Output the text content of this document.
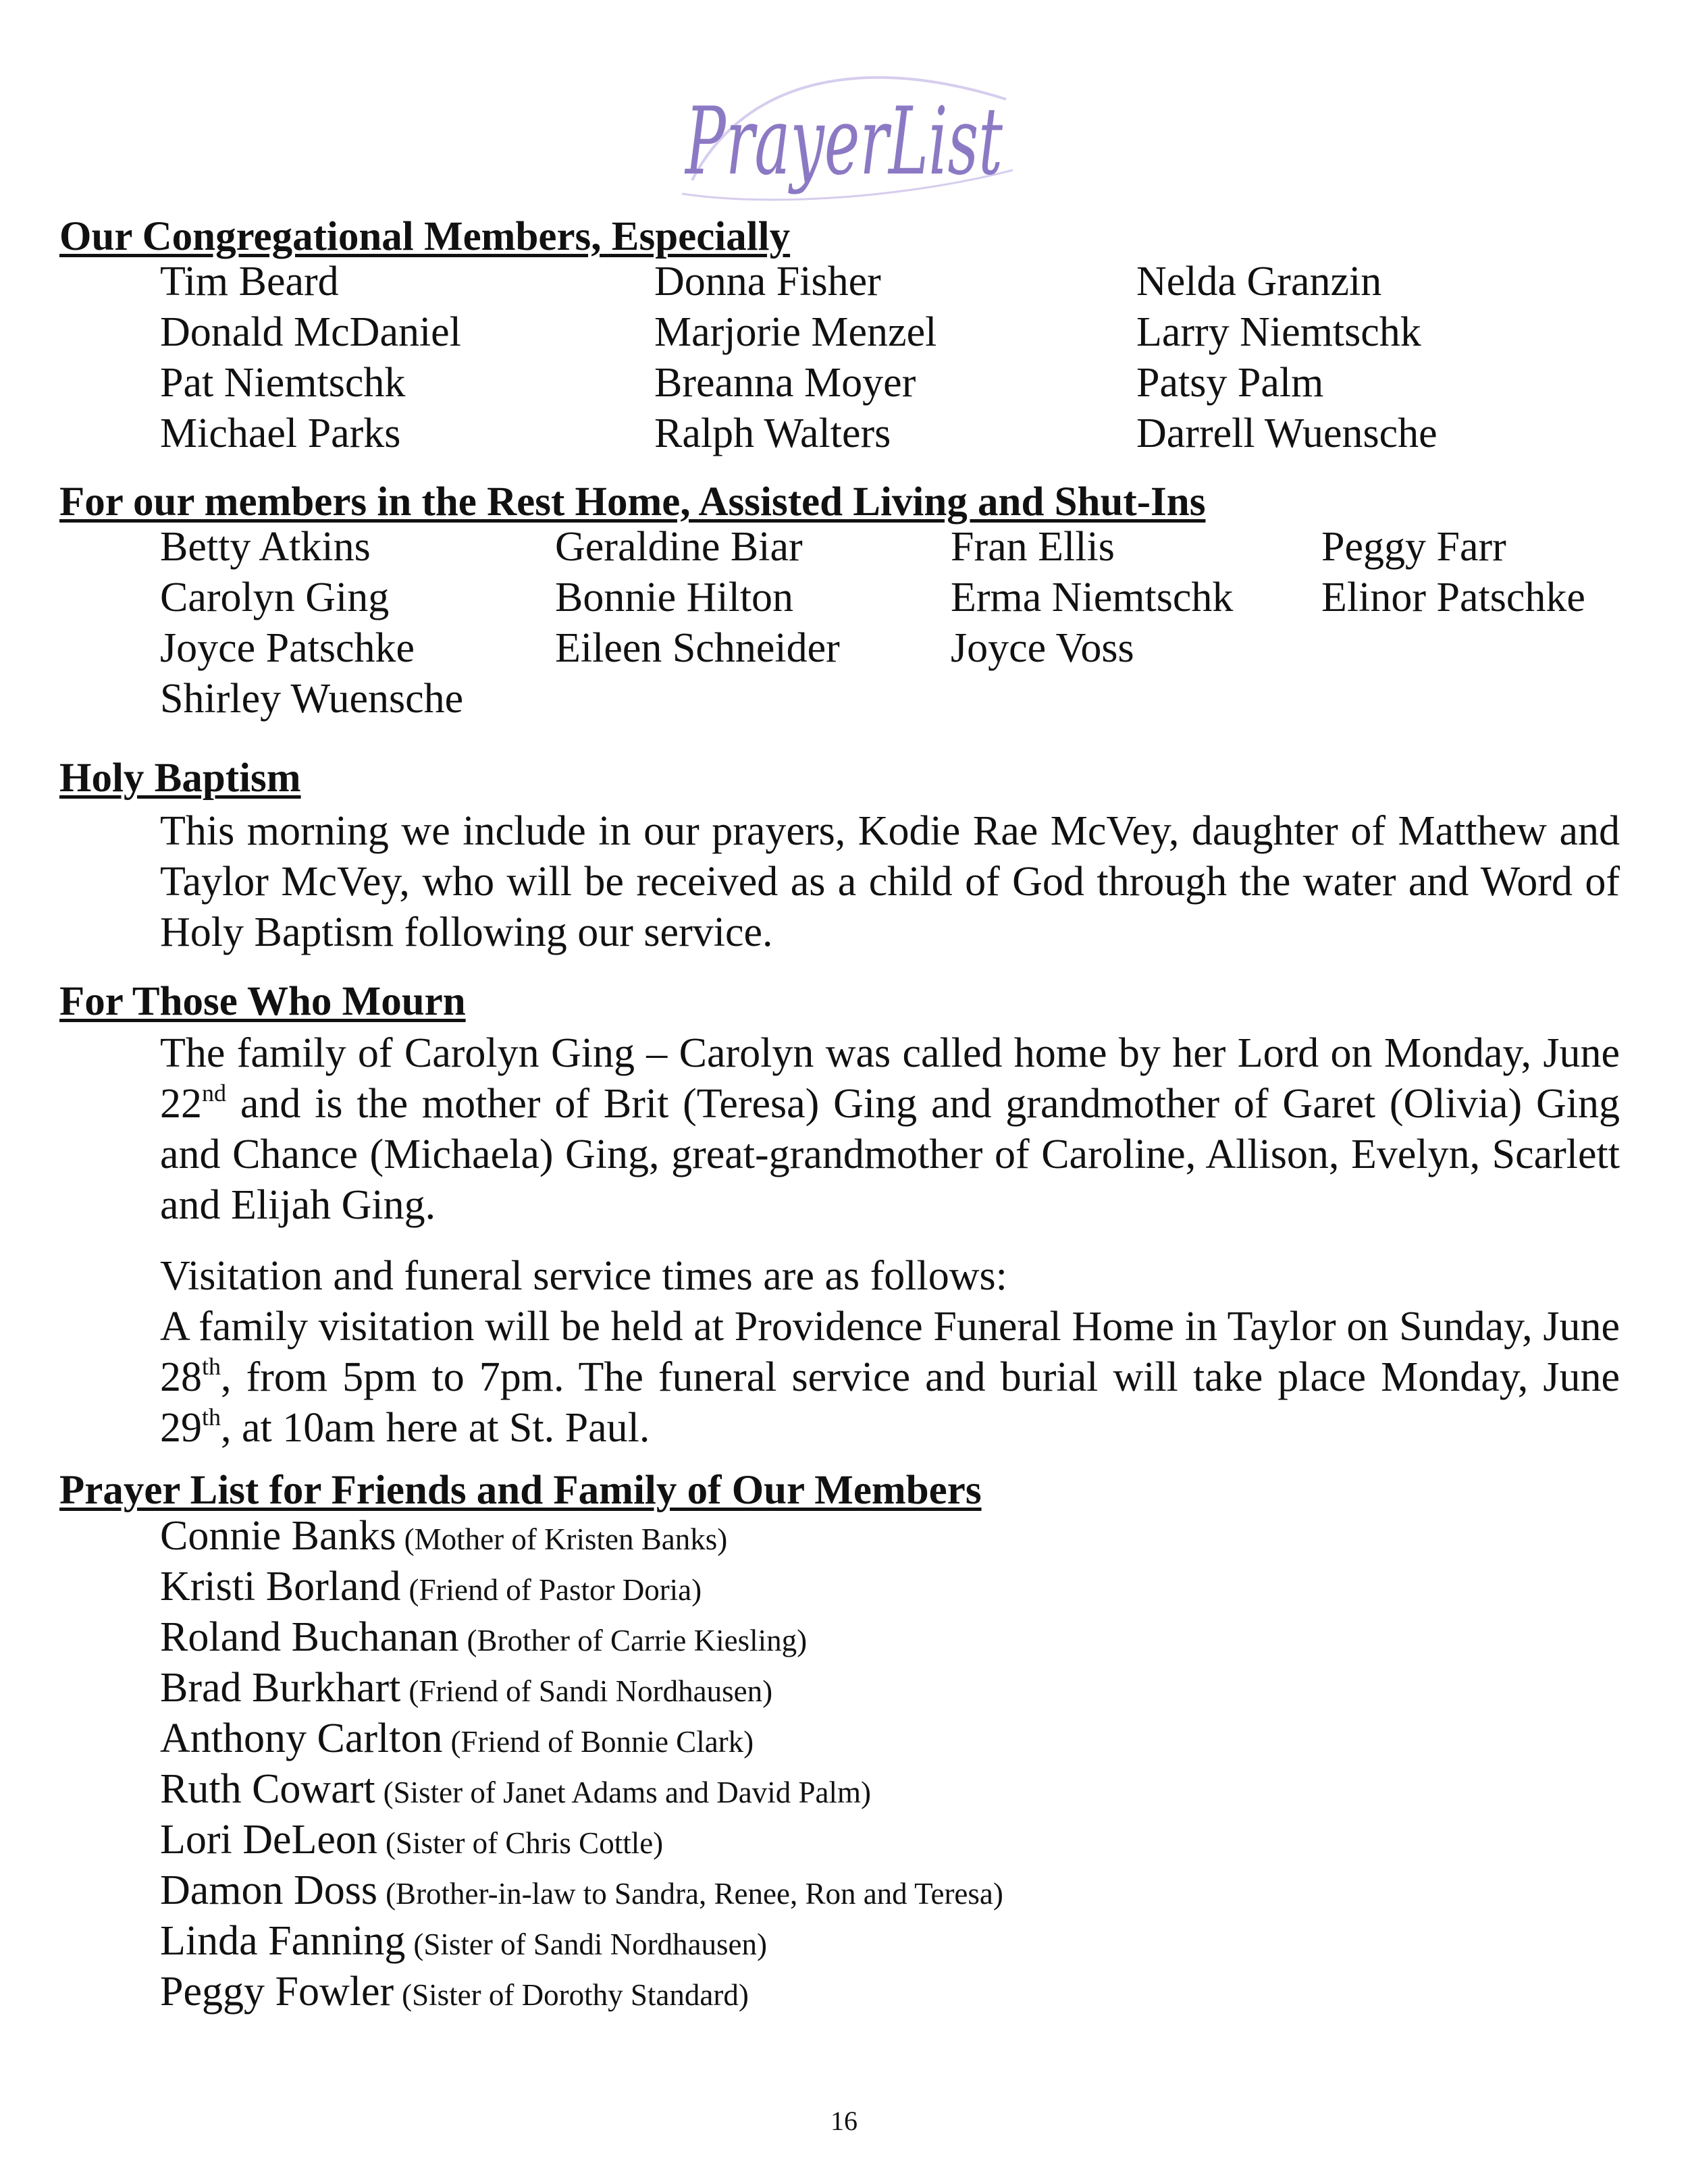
PrayerList
Our Congregational Members, Especially
Tim Beard	Donna Fisher	Nelda Granzin
Donald McDaniel	Marjorie Menzel	Larry Niemtschk
Pat Niemtschk	Breanna Moyer	Patsy Palm
Michael Parks	Ralph Walters	Darrell Wuensche
For our members in the Rest Home, Assisted Living and Shut-Ins
Betty Atkins	Geraldine Biar	Fran Ellis	Peggy Farr
Carolyn Ging	Bonnie Hilton	Erma Niemtschk	Elinor Patschke
Joyce Patschke	Eileen Schneider	Joyce Voss
Shirley Wuensche
Holy Baptism

This morning we include in our prayers, Kodie Rae McVey, daughter of Matthew and Taylor McVey, who will be received as a child of God through the water and Word of Holy Baptism following our service.

For Those Who Mourn

The family of Carolyn Ging – Carolyn was called home by her Lord on Monday, June 22nd and is the mother of Brit (Teresa) Ging and grandmother of Garet (Olivia) Ging and Chance (Michaela) Ging, great-grandmother of Caroline, Allison, Evelyn, Scarlett and Elijah Ging.

Visitation and funeral service times are as follows:

A family visitation will be held at Providence Funeral Home in Taylor on Sunday, June 28th, from 5pm to 7pm. The funeral service and burial will take place Monday, June 29th, at 10am here at St. Paul.

Prayer List for Friends and Family of Our Members
Connie Banks (Mother of Kristen Banks)
Kristi Borland (Friend of Pastor Doria)
Roland Buchanan (Brother of Carrie Kiesling)
Brad Burkhart (Friend of Sandi Nordhausen)
Anthony Carlton (Friend of Bonnie Clark)
Ruth Cowart (Sister of Janet Adams and David Palm)
Lori DeLeon (Sister of Chris Cottle)
Damon Doss (Brother-in-law to Sandra, Renee, Ron and Teresa)
Linda Fanning (Sister of Sandi Nordhausen)
Peggy Fowler (Sister of Dorothy Standard)
16
